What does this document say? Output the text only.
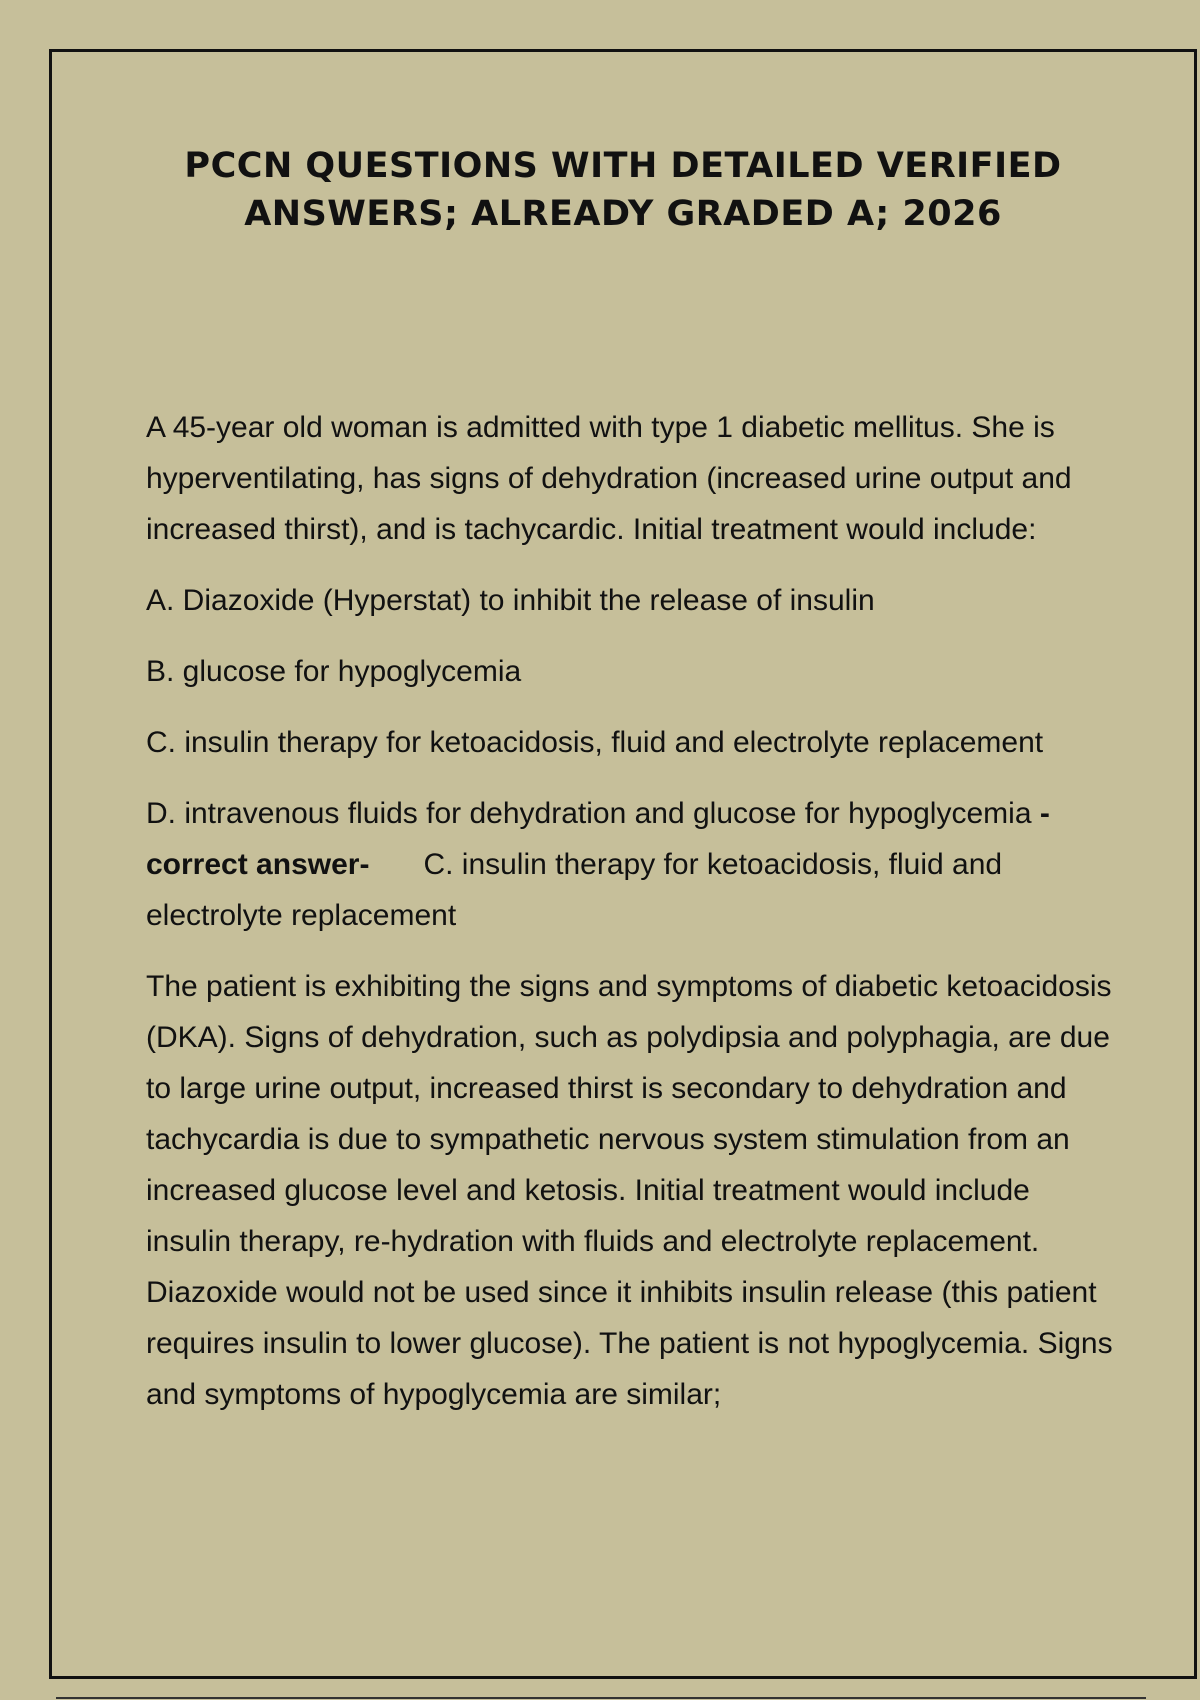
PCCN QUESTIONS WITH DETAILED VERIFIED
ANSWERS; ALREADY GRADED A; 2026

A 45-year old woman is admitted with type 1 diabetic mellitus. She is hyperventilating, has signs of dehydration (increased urine output and increased thirst), and is tachycardic. Initial treatment would include:

A. Diazoxide (Hyperstat) to inhibit the release of insulin

B. glucose for hypoglycemia

C. insulin therapy for ketoacidosis, fluid and electrolyte replacement

D. intravenous fluids for dehydration and glucose for hypoglycemia - correct answer- C. insulin therapy for ketoacidosis, fluid and electrolyte replacement

The patient is exhibiting the signs and symptoms of diabetic ketoacidosis (DKA). Signs of dehydration, such as polydipsia and polyphagia, are due to large urine output, increased thirst is secondary to dehydration and tachycardia is due to sympathetic nervous system stimulation from an increased glucose level and ketosis. Initial treatment would include insulin therapy, re-hydration with fluids and electrolyte replacement. Diazoxide would not be used since it inhibits insulin release (this patient requires insulin to lower glucose). The patient is not hypoglycemia. Signs and symptoms of hypoglycemia are similar;
